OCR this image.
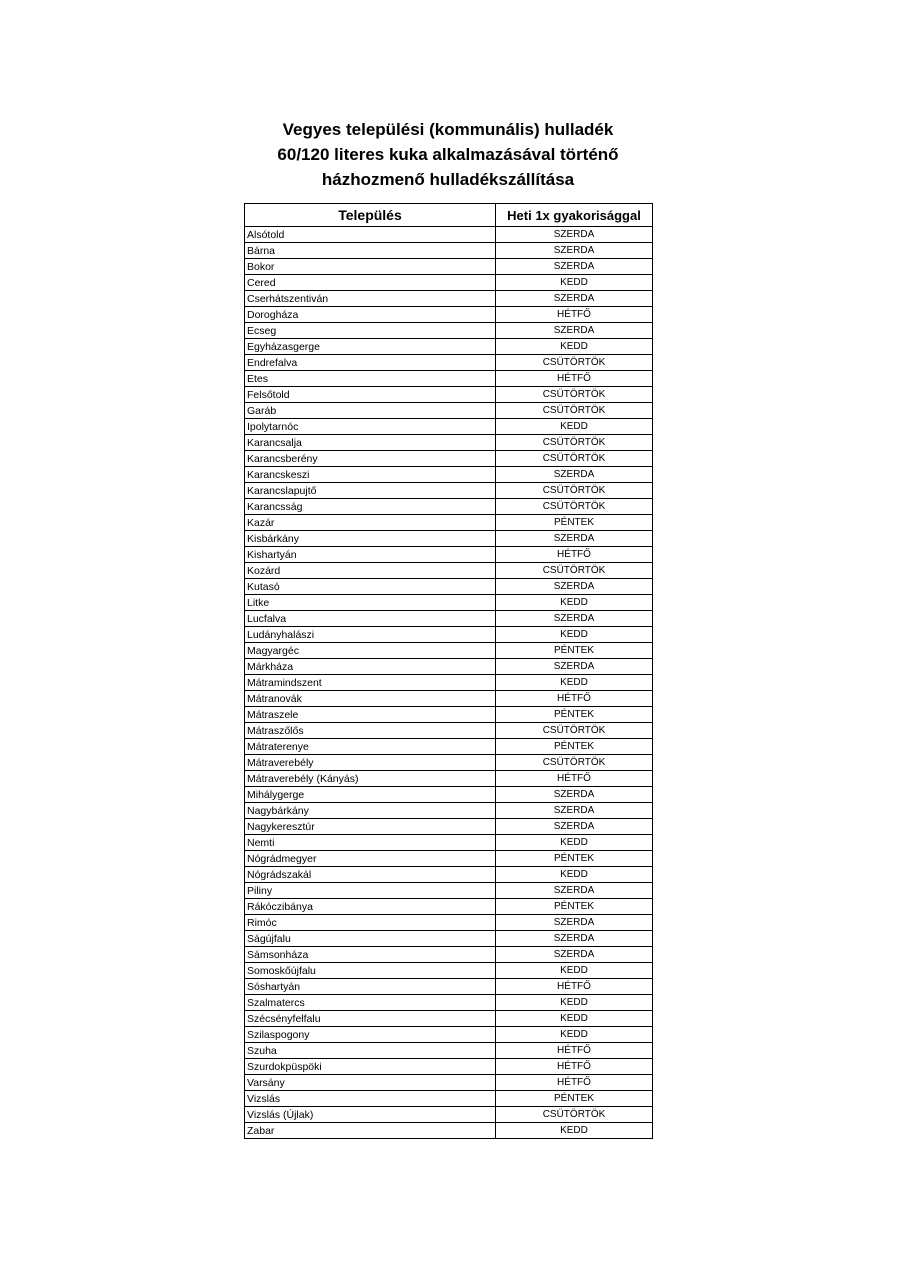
Vegyes települési (kommunális) hulladék
60/120 literes kuka alkalmazásával történő
házhozmenő hulladékszállítása
Település	Heti 1x gyakorisággal
Alsótold	SZERDA
Bárna	SZERDA
Bokor	SZERDA
Cered	KEDD
Cserhátszentiván	SZERDA
Dorogháza	HÉTFŐ
Ecseg	SZERDA
Egyházasgerge	KEDD
Endrefalva	CSÜTÖRTÖK
Etes	HÉTFŐ
Felsőtold	CSÜTÖRTÖK
Garáb	CSÜTÖRTÖK
Ipolytarnóc	KEDD
Karancsalja	CSÜTÖRTÖK
Karancsberény	CSÜTÖRTÖK
Karancskeszi	SZERDA
Karancslapujtő	CSÜTÖRTÖK
Karancsság	CSÜTÖRTÖK
Kazár	PÉNTEK
Kisbárkány	SZERDA
Kishartyán	HÉTFŐ
Kozárd	CSÜTÖRTÖK
Kutasó	SZERDA
Litke	KEDD
Lucfalva	SZERDA
Ludányhalászi	KEDD
Magyargéc	PÉNTEK
Márkháza	SZERDA
Mátramindszent	KEDD
Mátranovák	HÉTFŐ
Mátraszele	PÉNTEK
Mátraszőlős	CSÜTÖRTÖK
Mátraterenye	PÉNTEK
Mátraverebély	CSÜTÖRTÖK
Mátraverebély (Kányás)	HÉTFŐ
Mihálygerge	SZERDA
Nagybárkány	SZERDA
Nagykeresztúr	SZERDA
Nemti	KEDD
Nógrádmegyer	PÉNTEK
Nógrádszakál	KEDD
Piliny	SZERDA
Rákóczibánya	PÉNTEK
Rimóc	SZERDA
Ságújfalu	SZERDA
Sámsonháza	SZERDA
Somoskőújfalu	KEDD
Sóshartyán	HÉTFŐ
Szalmatercs	KEDD
Szécsényfelfalu	KEDD
Szilaspogony	KEDD
Szuha	HÉTFŐ
Szurdokpüspöki	HÉTFŐ
Varsány	HÉTFŐ
Vizslás	PÉNTEK
Vizslás (Újlak)	CSÜTÖRTÖK
Zabar	KEDD
